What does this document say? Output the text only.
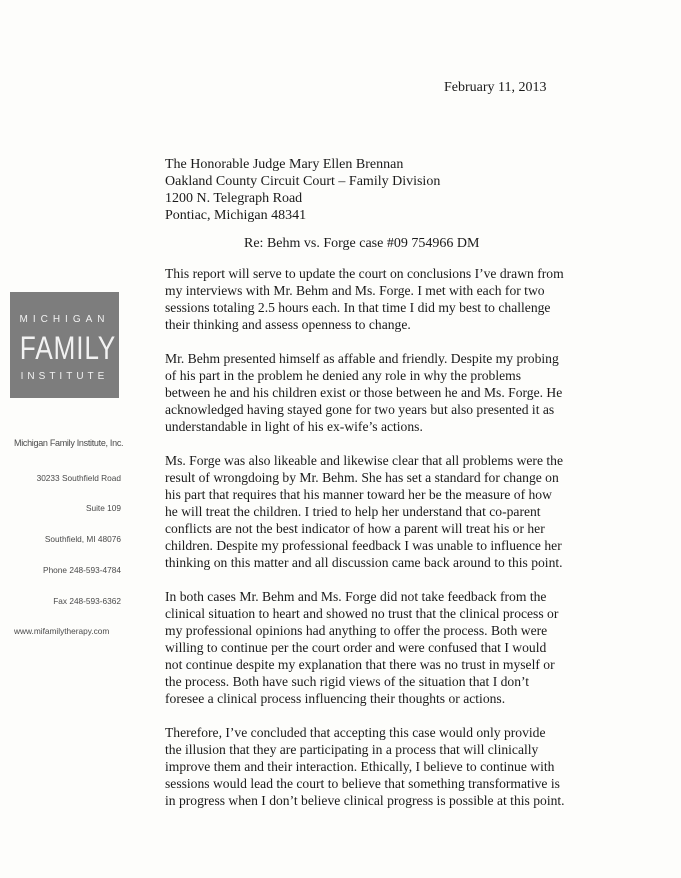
February 11, 2013
The Honorable Judge Mary Ellen Brennan
Oakland County Circuit Court – Family Division
1200 N. Telegraph Road
Pontiac, Michigan 48341
Re: Behm vs. Forge case #09 754966 DM
MICHIGAN
FAMILY
INSTITUTE
Michigan Family Institute, Inc.
30233 Southfield Road
Suite 109
Southfield, MI 48076
Phone 248-593-4784
Fax 248-593-6362
www.mifamilytherapy.com

This report will serve to update the court on conclusions I’ve drawn from my interviews with Mr. Behm and Ms. Forge. I met with each for two sessions totaling 2.5 hours each. In that time I did my best to challenge their thinking and assess openness to change.

Mr. Behm presented himself as affable and friendly. Despite my probing of his part in the problem he denied any role in why the problems between he and his children exist or those between he and Ms. Forge. He acknowledged having stayed gone for two years but also presented it as understandable in light of his ex-wife’s actions.

Ms. Forge was also likeable and likewise clear that all problems were the result of wrongdoing by Mr. Behm. She has set a standard for change on his part that requires that his manner toward her be the measure of how he will treat the children. I tried to help her understand that co-parent conflicts are not the best indicator of how a parent will treat his or her children. Despite my professional feedback I was unable to influence her thinking on this matter and all discussion came back around to this point.

In both cases Mr. Behm and Ms. Forge did not take feedback from the clinical situation to heart and showed no trust that the clinical process or my professional opinions had anything to offer the process. Both were willing to continue per the court order and were confused that I would not continue despite my explanation that there was no trust in myself or the process. Both have such rigid views of the situation that I don’t foresee a clinical process influencing their thoughts or actions.

Therefore, I’ve concluded that accepting this case would only provide the illusion that they are participating in a process that will clinically improve them and their interaction. Ethically, I believe to continue with sessions would lead the court to believe that something transformative is in progress when I don’t believe clinical progress is possible at this point.
